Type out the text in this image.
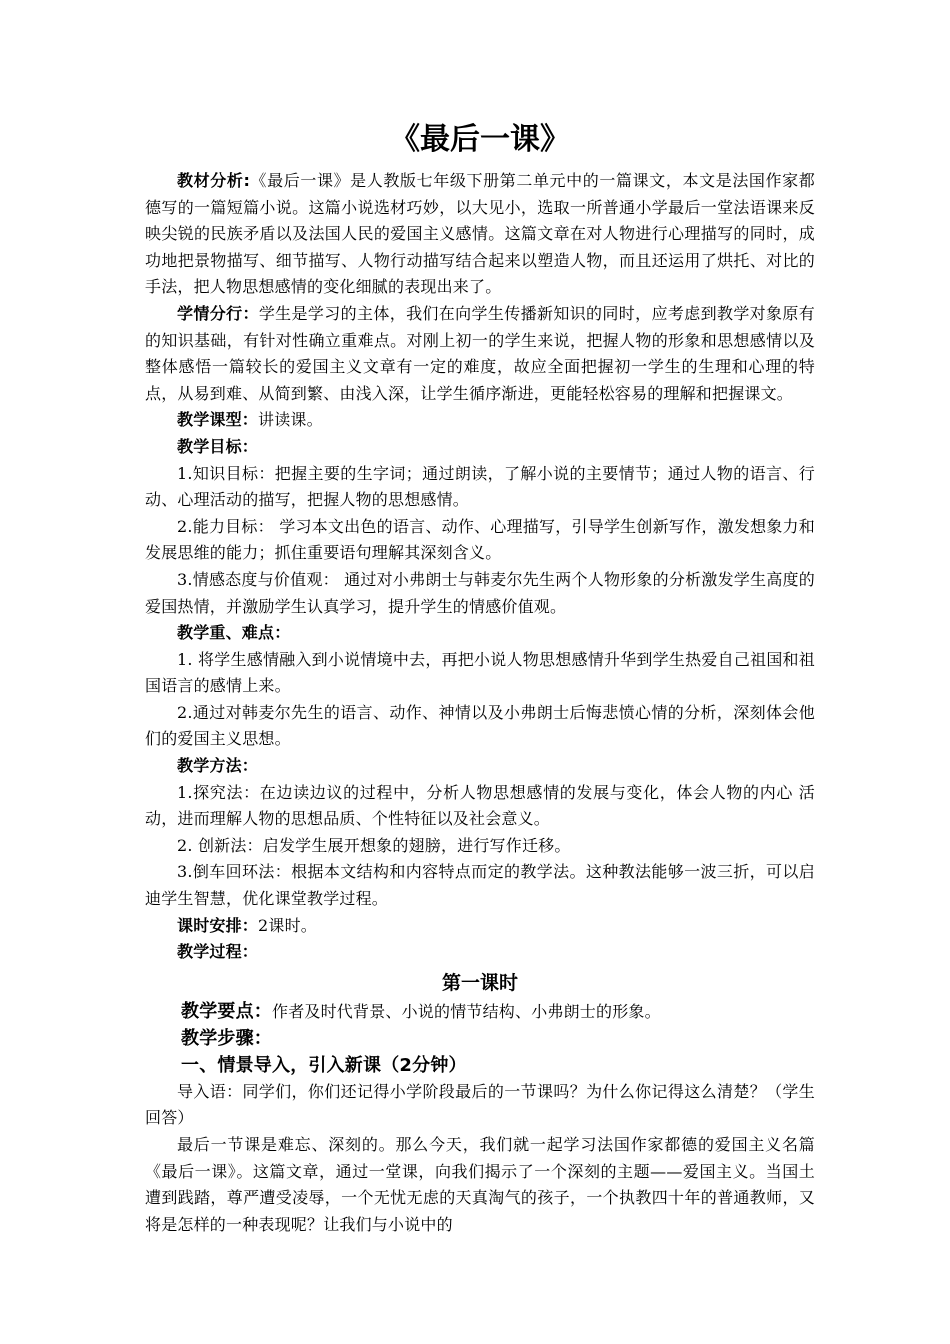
《最后一课》

教材分析:《最后一课》是人教版七年级下册第二单元中的一篇课文，本文是法国作家都德写的一篇短篇小说。这篇小说选材巧妙，以大见小，选取一所普通小学最后一堂法语课来反映尖锐的民族矛盾以及法国人民的爱国主义感情。这篇文章在对人物进行心理描写的同时，成功地把景物描写、细节描写、人物行动描写结合起来以塑造人物，而且还运用了烘托、对比的手法，把人物思想感情的变化细腻的表现出来了。

学情分行：学生是学习的主体，我们在向学生传播新知识的同时，应考虑到教学对象原有的知识基础，有针对性确立重难点。对刚上初一的学生来说，把握人物的形象和思想感情以及整体感悟一篇较长的爱国主义文章有一定的难度，故应全面把握初一学生的生理和心理的特点，从易到难、从简到繁、由浅入深，让学生循序渐进，更能轻松容易的理解和把握课文。

教学课型：讲读课。

教学目标：

1.知识目标：把握主要的生字词；通过朗读，了解小说的主要情节；通过人物的语言、行动、心理活动的描写，把握人物的思想感情。

2.能力目标： 学习本文出色的语言、动作、心理描写，引导学生创新写作，激发想象力和发展思维的能力；抓住重要语句理解其深刻含义。

3.情感态度与价值观： 通过对小弗朗士与韩麦尔先生两个人物形象的分析激发学生高度的爱国热情，并激励学生认真学习，提升学生的情感价值观。

教学重、难点：

1. 将学生感情融入到小说情境中去，再把小说人物思想感情升华到学生热爱自己祖国和祖国语言的感情上来。

2.通过对韩麦尔先生的语言、动作、神情以及小弗朗士后悔悲愤心情的分析，深刻体会他们的爱国主义思想。

教学方法：

1.探究法：在边读边议的过程中，分析人物思想感情的发展与变化，体会人物的内心 活动，进而理解人物的思想品质、个性特征以及社会意义。

2. 创新法：启发学生展开想象的翅膀，进行写作迁移。

3.倒车回环法：根据本文结构和内容特点而定的教学法。这种教法能够一波三折，可以启迪学生智慧，优化课堂教学过程。

课时安排：2课时。

教学过程：

第一课时

教学要点：作者及时代背景、小说的情节结构、小弗朗士的形象。

教学步骤：

一、情景导入，引入新课（2分钟）

导入语：同学们，你们还记得小学阶段最后的一节课吗？为什么你记得这么清楚？（学生回答）

最后一节课是难忘、深刻的。那么今天，我们就一起学习法国作家都德的爱国主义名篇《最后一课》。这篇文章，通过一堂课，向我们揭示了一个深刻的主题——爱国主义。当国土遭到践踏，尊严遭受凌辱，一个无忧无虑的天真淘气的孩子，一个执教四十年的普通教师，又将是怎样的一种表现呢？让我们与小说中的
